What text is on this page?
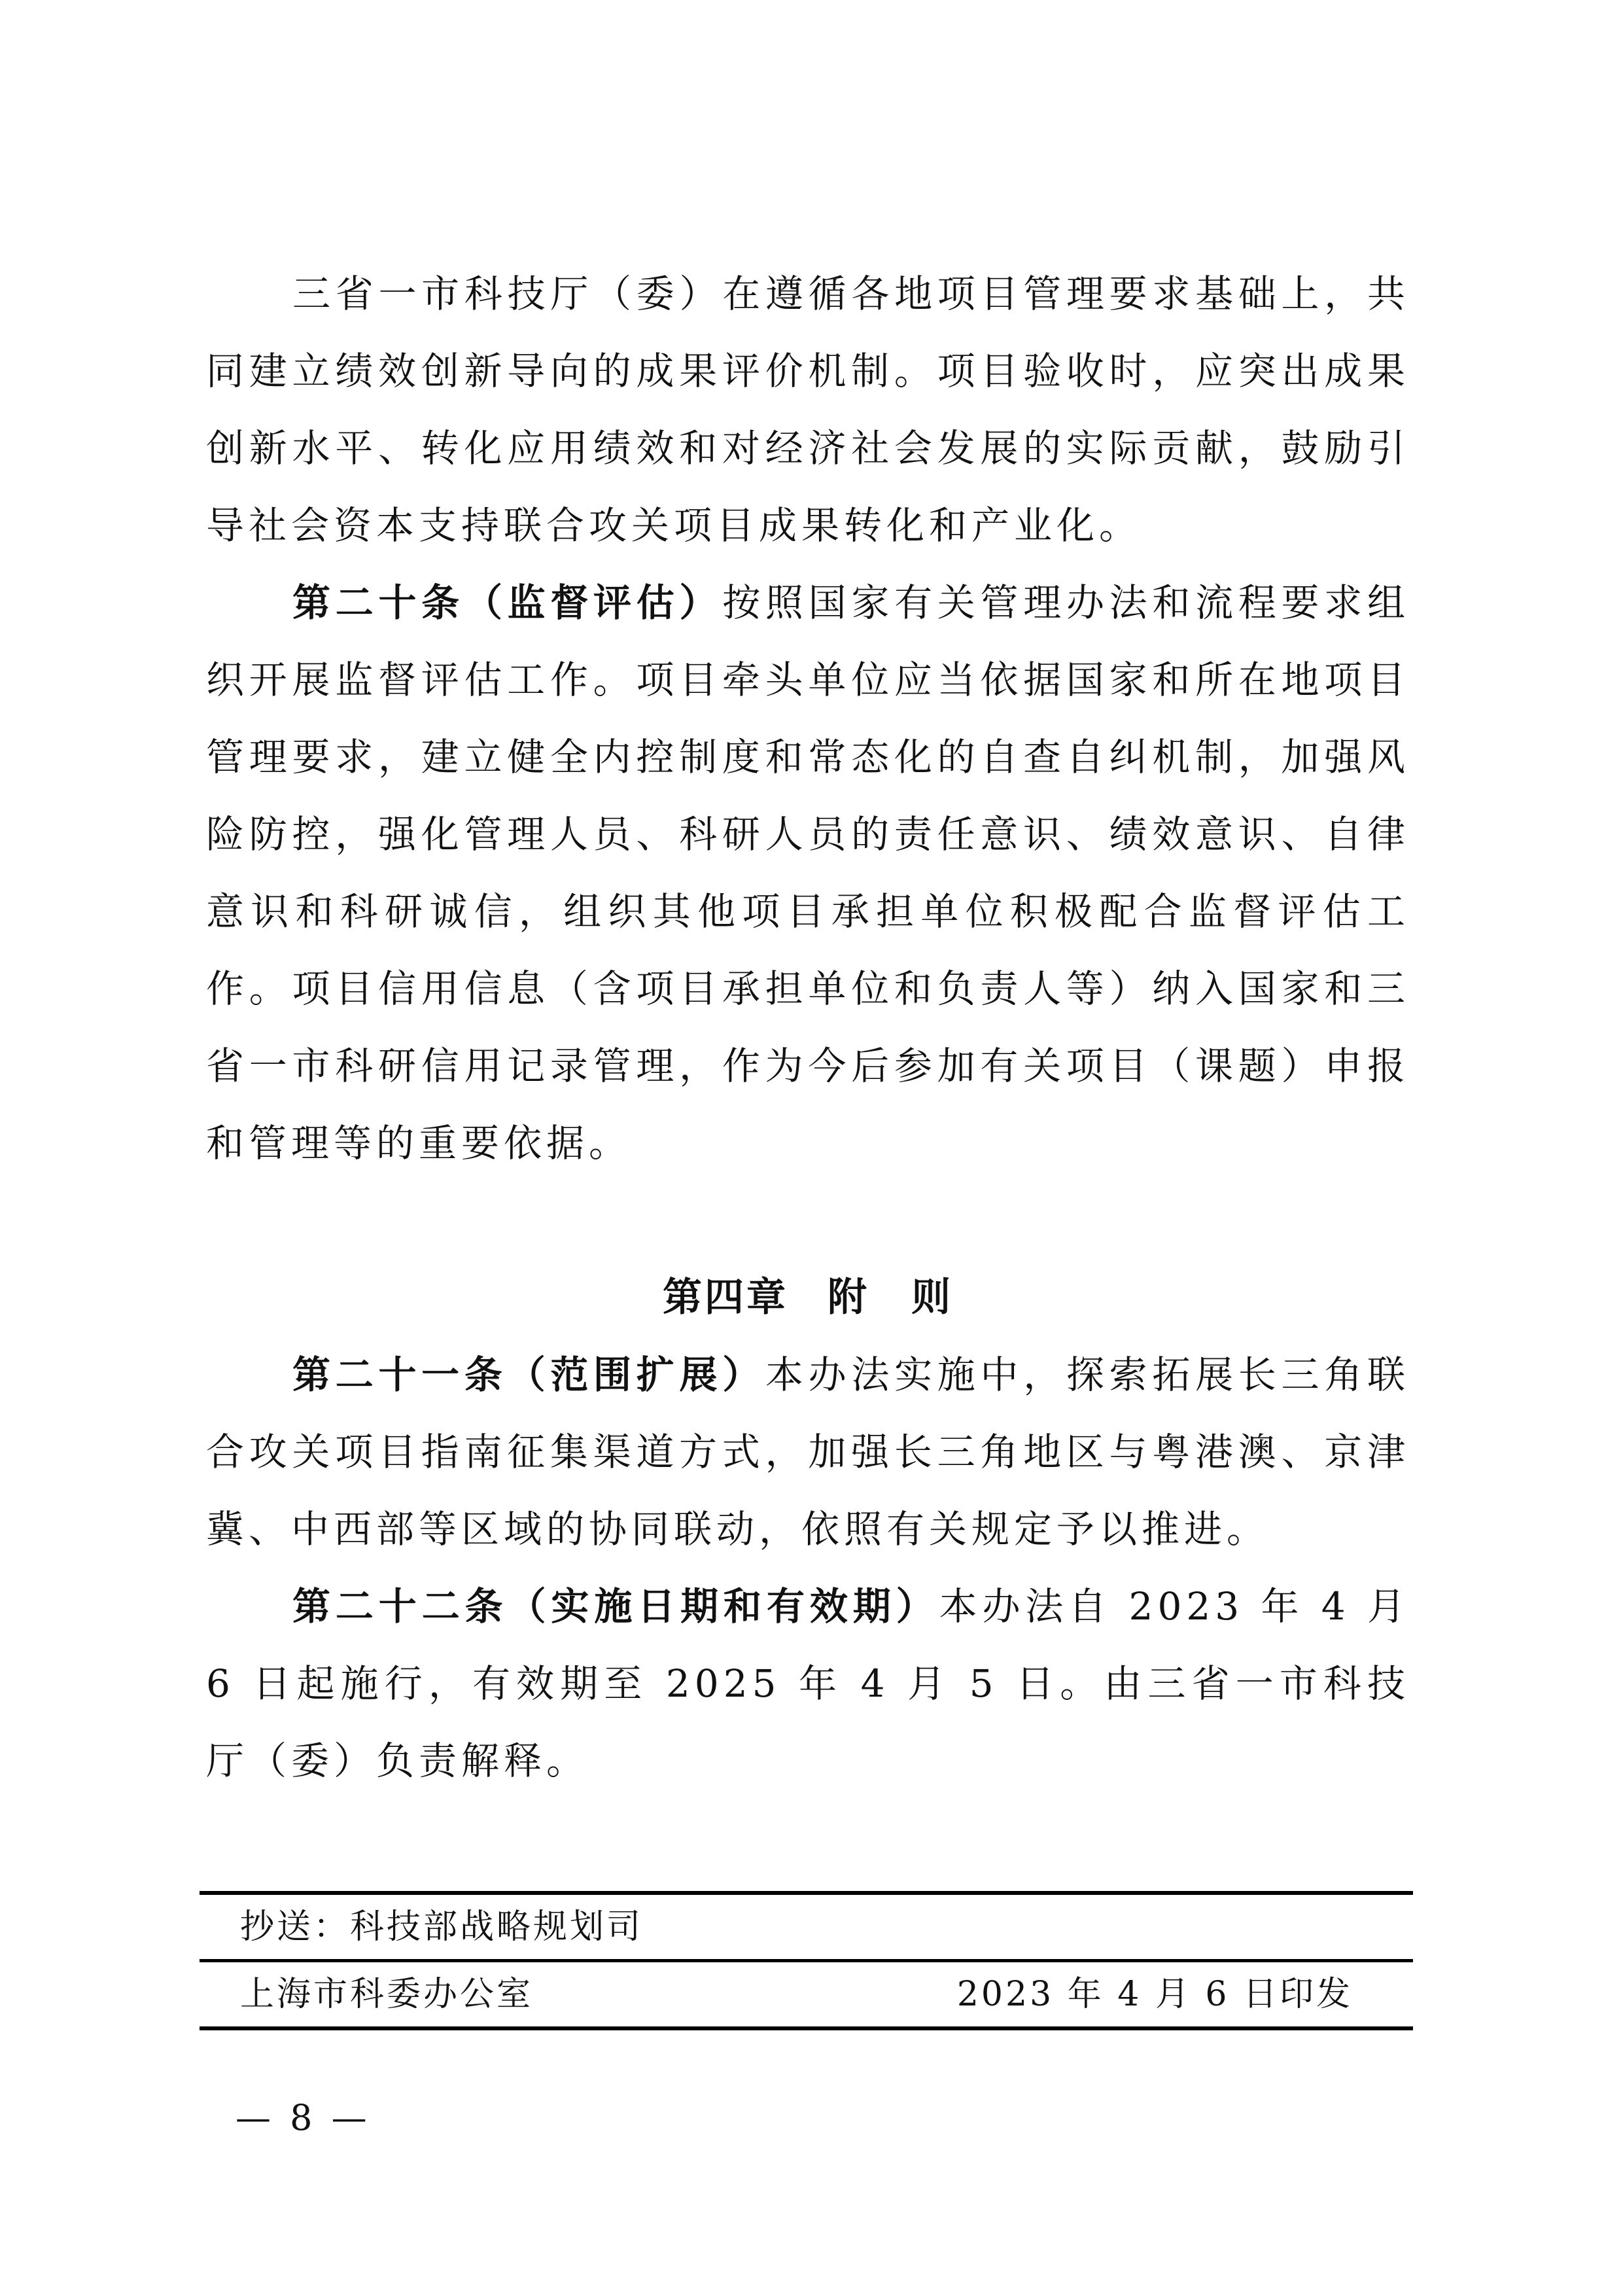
三省一市科技厅（委）在遵循各地项目管理要求基础上，共同建立绩效创新导向的成果评价机制。项目验收时，应突出成果创新水平、转化应用绩效和对经济社会发展的实际贡献，鼓励引导社会资本支持联合攻关项目成果转化和产业化。

第二十条（监督评估）按照国家有关管理办法和流程要求组织开展监督评估工作。项目牵头单位应当依据国家和所在地项目管理要求，建立健全内控制度和常态化的自查自纠机制，加强风险防控，强化管理人员、科研人员的责任意识、绩效意识、自律意识和科研诚信，组织其他项目承担单位积极配合监督评估工作。项目信用信息（含项目承担单位和负责人等）纳入国家和三省一市科研信用记录管理，作为今后参加有关项目（课题）申报和管理等的重要依据。

第四章 附　则

第二十一条（范围扩展）本办法实施中，探索拓展长三角联合攻关项目指南征集渠道方式，加强长三角地区与粤港澳、京津冀、中西部等区域的协同联动，依照有关规定予以推进。

第二十二条（实施日期和有效期）本办法自 2023 年 4 月 6 日起施行，有效期至 2025 年 4 月 5 日。由三省一市科技厅（委）负责解释。

抄送：科技部战略规划司
上海市科委办公室	2023 年 4 月 6 日印发
— 8 —
